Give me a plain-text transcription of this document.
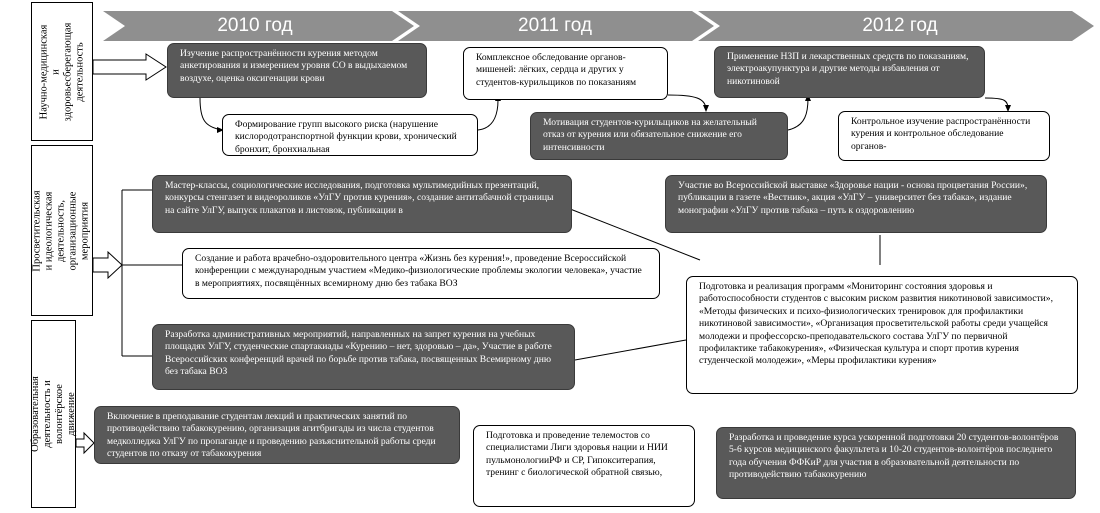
2010 год	2011 год	2012 год
Научно-медицинская и здоровьесберегающая деятельность
Просветительская и идеологическая деятельность, организационные мероприятия
Образовательная деятельность и волонтёрское движение
Изучение распространённости курения методом анкетирования и измерением уровня СО в выдыхаемом воздухе, оценка оксигенации крови
Формирование групп высокого риска (нарушение кислородотранспортной функции крови, хронический бронхит, бронхиальная
Комплексное обследование органов-мишеней: лёгких, сердца и других у студентов-курильщиков по показаниям
Мотивация студентов-курильщиков на желательный отказ от курения или обязательное снижение его интенсивности
Применение НЗП и лекарственных средств по показаниям, электроакупунктура и другие методы избавления от никотиновой
Контрольное изучение распространённости курения и контрольное обследование органов-
Мастер-классы, социологические исследования, подготовка мультимедийных презентаций, конкурсы стенгазет и видеороликов «УлГУ против курения», создание антитабачной страницы на сайте УлГУ, выпуск плакатов и листовок, публикации в
Участие во Всероссийской выставке «Здоровье нации - основа процветания России», публикации в газете «Вестник», акция «УлГУ – университет без табака», издание монографии «УлГУ против табака – путь к оздоровлению
Создание и работа врачебно-оздоровительного центра «Жизнь без курения!», проведение Всероссийской конференции с международным участием «Медико-физиологические проблемы экологии человека», участие в мероприятиях, посвящённых всемирному дню без табака ВОЗ	Подготовка и реализация программ «Мониторинг состояния здоровья и работоспособности студентов с высоким риском развития никотиновой зависимости», «Методы физических и психо-физиологических тренировок для профилактики никотиновой зависимости», «Организация просветительской работы среди учащейся молодежи и профессорско-преподавательского состава УлГУ по первичной профилактике табакокурения», «Физическая культура и спорт против курения студенческой молодежи», «Меры профилактики курения»
Разработка административных мероприятий, направленных на запрет курения на учебных площадях УлГУ, студенческие спартакиады «Курению – нет, здоровью – да», Участие в работе Всероссийских конференций врачей по борьбе против табака, посвященных Всемирному дню без табака ВОЗ
Включение в преподавание студентам лекций и практических занятий по противодействию табакокурению, организация агитбригады из числа студентов медколледжа УлГУ по пропаганде и проведению разъяснительной работы среди студентов по отказу от табакокурения
Подготовка и проведение телемостов со специалистами Лиги здоровья нации и НИИ пульмонологииРФ и СР, Гипокситерапия, тренинг с биологической обратной связью,
Разработка и проведение курса ускоренной подготовки 20 студентов-волонтёров 5-6 курсов медицинского факультета и 10-20 студентов-волонтёров последнего года обучения ФФКиР для участия в образовательной деятельности по противодействию табакокурению
